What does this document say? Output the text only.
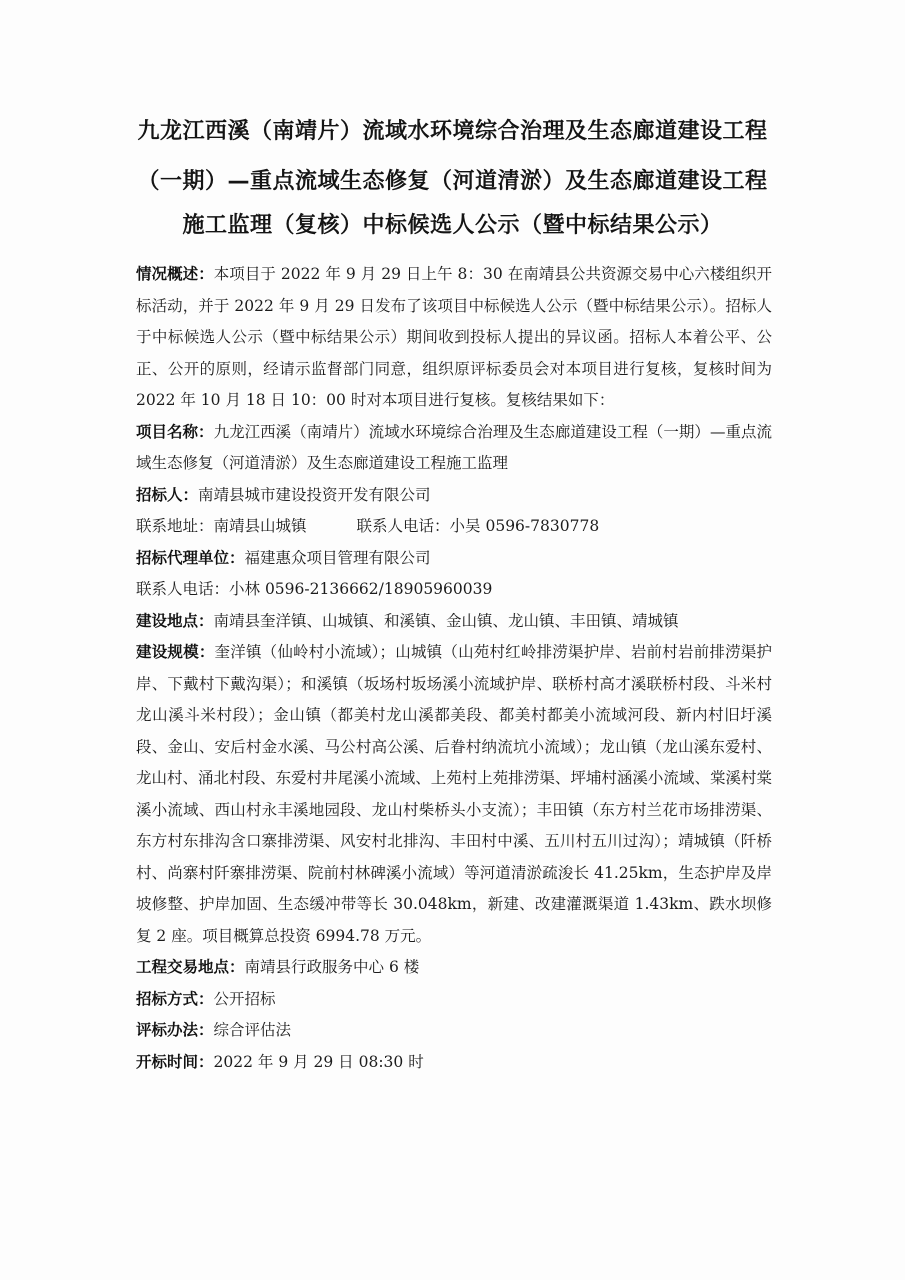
九龙江西溪（南靖片）流域水环境综合治理及生态廊道建设工程
（一期）—重点流域生态修复（河道清淤）及生态廊道建设工程
施工监理（复核）中标候选人公示（暨中标结果公示）

情况概述：本项目于 2022 年 9 月 29 日上午 8：30 在南靖县公共资源交易中心六楼组织开标活动，并于 2022 年 9 月 29 日发布了该项目中标候选人公示（暨中标结果公示）。招标人于中标候选人公示（暨中标结果公示）期间收到投标人提出的异议函。招标人本着公平、公正、公开的原则，经请示监督部门同意，组织原评标委员会对本项目进行复核，复核时间为 2022 年 10 月 18 日 10：00 时对本项目进行复核。复核结果如下：

项目名称：九龙江西溪（南靖片）流域水环境综合治理及生态廊道建设工程（一期）—重点流域生态修复（河道清淤）及生态廊道建设工程施工监理

招标人：南靖县城市建设投资开发有限公司

联系地址： 南靖县山城镇	联系人电话： 小吴 0596-7830778

招标代理单位：福建惠众项目管理有限公司

联系人电话：小林 0596-2136662/18905960039

建设地点：南靖县奎洋镇、山城镇、和溪镇、金山镇、龙山镇、丰田镇、靖城镇

建设规模：奎洋镇（仙岭村小流域）；山城镇（山苑村红岭排涝渠护岸、岩前村岩前排涝渠护岸、下戴村下戴沟渠）；和溪镇（坂场村坂场溪小流域护岸、联桥村高才溪联桥村段、斗米村龙山溪斗米村段）；金山镇（都美村龙山溪都美段、都美村都美小流域河段、新内村旧圩溪段、金山、安后村金水溪、马公村高公溪、后眷村纳流坑小流域）；龙山镇（龙山溪东爱村、龙山村、涌北村段、东爱村井尾溪小流域、上苑村上苑排涝渠、坪埔村涵溪小流域、棠溪村棠溪小流域、西山村永丰溪地园段、龙山村柴桥头小支流）；丰田镇（东方村兰花市场排涝渠、东方村东排沟含口寨排涝渠、风安村北排沟、丰田村中溪、五川村五川过沟）；靖城镇（阡桥村、尚寨村阡寨排涝渠、院前村林碑溪小流域）等河道清淤疏浚长 41.25km，生态护岸及岸坡修整、护岸加固、生态缓冲带等长 30.048km，新建、改建灌溉渠道 1.43km、跌水坝修复 2 座。项目概算总投资 6994.78 万元。

工程交易地点：南靖县行政服务中心 6 楼

招标方式：公开招标

评标办法：综合评估法

开标时间：2022 年 9 月 29 日 08:30 时
